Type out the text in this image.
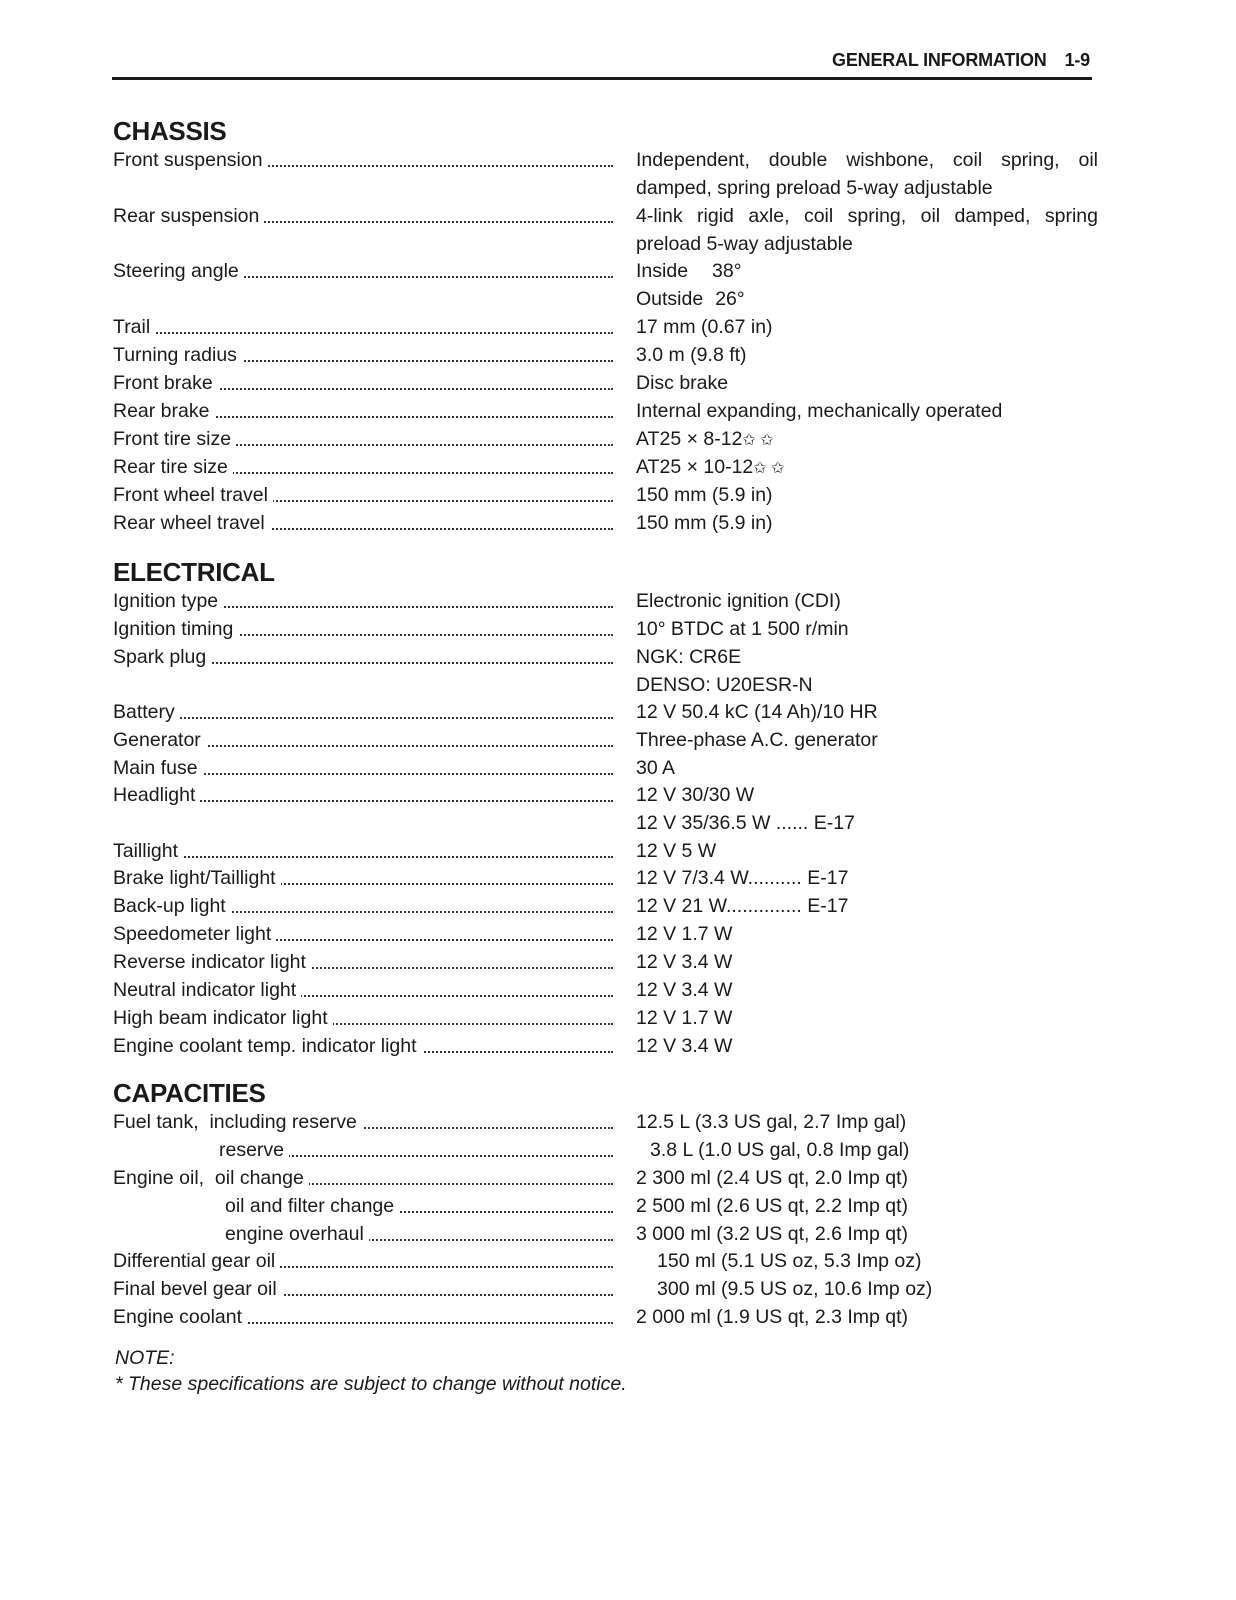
GENERAL INFORMATION 1-9
CHASSIS
Front suspension	Independent, double wishbone, coil spring, oil damped, spring preload 5-way adjustable
Rear suspension	4-link rigid axle, coil spring, oil damped, spring preload 5-way adjustable
Steering angle	Inside 38°
Outside 26°
Trail	17 mm (0.67 in)
Turning radius	3.0 m (9.8 ft)
Front brake	Disc brake
Rear brake	Internal expanding, mechanically operated
Front tire size	AT25 × 8-12✩ ✩
Rear tire size	AT25 × 10-12✩ ✩
Front wheel travel	150 mm (5.9 in)
Rear wheel travel	150 mm (5.9 in)
ELECTRICAL
Ignition type	Electronic ignition (CDI)
Ignition timing	10° BTDC at 1 500 r/min
Spark plug	NGK: CR6E
DENSO: U20ESR-N
Battery	12 V 50.4 kC (14 Ah)/10 HR
Generator	Three-phase A.C. generator
Main fuse	30 A
Headlight	12 V 30/30 W
12 V 35/36.5 W ...... E-17
Taillight	12 V 5 W
Brake light/Taillight	12 V 7/3.4 W.......... E-17
Back-up light	12 V 21 W.............. E-17
Speedometer light	12 V 1.7 W
Reverse indicator light	12 V 3.4 W
Neutral indicator light	12 V 3.4 W
High beam indicator light	12 V 1.7 W
Engine coolant temp. indicator light	12 V 3.4 W
CAPACITIES
Fuel tank,  including reserve	12.5 L (3.3 US gal, 2.7 Imp gal)
reserve	3.8 L (1.0 US gal, 0.8 Imp gal)
Engine oil,  oil change	2 300 ml (2.4 US qt, 2.0 Imp qt)
oil and filter change	2 500 ml (2.6 US qt, 2.2 Imp qt)
engine overhaul	3 000 ml (3.2 US qt, 2.6 Imp qt)
Differential gear oil	150 ml (5.1 US oz, 5.3 Imp oz)
Final bevel gear oil	300 ml (9.5 US oz, 10.6 Imp oz)
Engine coolant	2 000 ml (1.9 US qt, 2.3 Imp qt)
NOTE:
* These specifications are subject to change without notice.
